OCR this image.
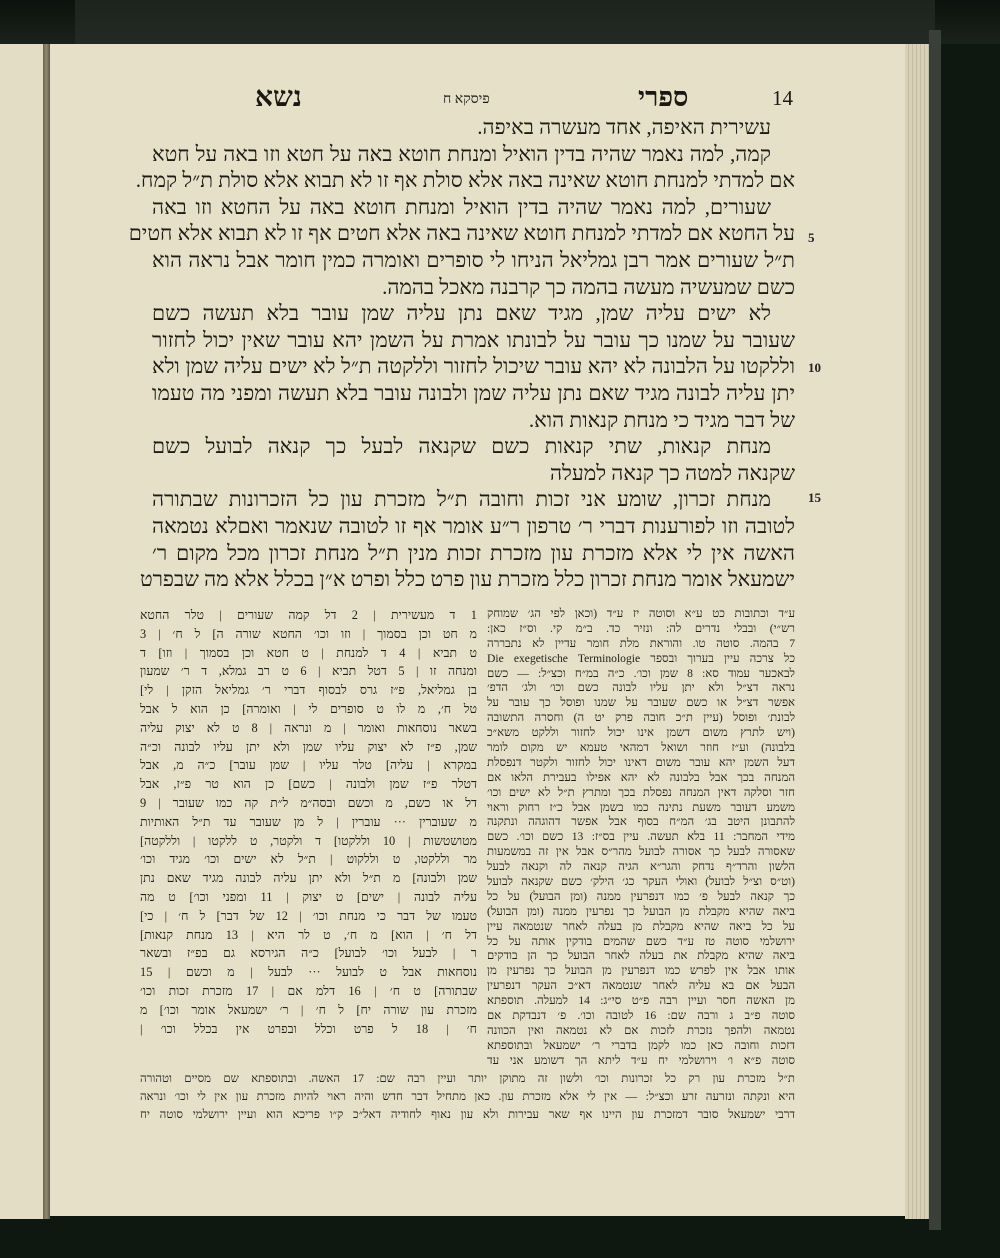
14
ספרי
פיסקא ח
נשא
עשירית האיפה, אחד מעשרה באיפה.
קמה, למה נאמר שהיה בדין הואיל ומנחת חוטא באה על חטא וזו באה על חטא
אם למדתי למנחת חוטא שאינה באה אלא סולת אף זו לא תבוא אלא סולת ת״ל קמח.
שעורים, למה נאמר שהיה בדין הואיל ומנחת חוטא באה על החטא וזו באה
על החטא אם למדתי למנחת חוטא שאינה באה אלא חטים אף זו לא תבוא אלא חטים
ת״ל שעורים אמר רבן גמליאל הניחו לי סופרים ואומרה כמין חומר אבל נראה הוא
כשם שמעשיה מעשה בהמה כך קרבנה מאכל בהמה.
לא ישים עליה שמן, מגיד שאם נתן עליה שמן עובר בלא תעשה כשם
שעובר על שמנו כך עובר על לבונתו אמרת על השמן יהא עובר שאין יכול לחזור
וללקטו על הלבונה לא יהא עובר שיכול לחזור וללקטה ת״ל לא ישים עליה שמן ולא
יתן עליה לבונה מגיד שאם נתן עליה שמן ולבונה עובר בלא תעשה ומפני מה טעמו
של דבר מגיד כי מנחת קנאות הוא.
מנחת קנאות, שתי קנאות כשם שקנאה לבעל כך קנאה לבועל כשם
שקנאה למטה כך קנאה למעלה
מנחת זכרון, שומע אני זכות וחובה ת״ל מזכרת עון כל הזכרונות שבתורה
לטובה וזו לפורענות דברי ר׳ טרפון ר״ע אומר אף זו לטובה שנאמר ואםלא נטמאה
האשה אין לי אלא מזכרת עון מזכרת זכות מנין ת״ל מנחת זכרון מכל מקום ר׳
ישמעאל אומר מנחת זכרון כלל מזכרת עון פרט כלל ופרט א״ן בכלל אלא מה שבפרט
5
10
15
ע״ד וכתובות כט ע״א וסוטה יז ע״ד (וכאן לפי הג׳ שמוחק
רש״י) ובבלי נדרים לה: ונזיר כד. ב״מ קי. וס״ז כאן:
7 בהמה. סוטה טו. והוראת מלת חומר עדיין לא נתבררה
כל צרכה עיין בערוך ובספר Die exegetische Terminologie
לבאכער עמוד סא: 8 שמן וכו׳. כ״ה במ״ח וכצ״ל: — כשם
נראה דצ״ל ולא יתן עליו לבונה כשם וכו׳ ולג׳ הדפ׳
אפשר דצ״ל או כשם שעובר על שמנו ופוסל כך עובר על
לבונת׳ ופוסל (עיין ת״כ חובה פרק יט ה) וחסרה התשובה
(ויש לתרץ משום דשמן אינו יכול לחזור וללקט משא״כ
בלבונה) וע״ז חוזר ושואל דמהאי טעמא יש מקום לומר
דעל השמן יהא עובר משום דאינו יכול לחזור ולקטר דנפסלת
המנחה בכך אבל בלבונה לא יהא אפילו בעבירת הלאו אם
חזר וסלקה דאין המנחה נפסלת בכך ומתרץ ת״ל לא ישים וכו׳
משמע דעובר משעת נתינה כמו בשמן אבל כ״ז רחוק וראוי
להתבונן היטב בג׳ המ״ח בסוף אבל אפשר דהוגהה ונתקנה
מידי המחבר: 11 בלא תעשה. עיין בס״ז: 13 כשם וכו׳. כשם
שאסורה לבעל כך אסורה לבועל מהר״ס אבל אין זה במשמעות
הלשון והרד״ף נדחק והגר״א הגיה קנאה לה וקנאה לבעל
(וט״ס וצ״ל לבועל) ואולי העקר כג׳ הילק׳ כשם שקנאה לבועל
כך קנאה לבעל פ׳ כמו דנפרעין ממנה (ומן הבועל) על כל
ביאה שהיא מקבלת מן הבועל כך נפרעין ממנה (ומן הבועל)
על כל ביאה שהיא מקבלת מן בעלה לאחר שנטמאה עיין
ירושלמי סוטה טז ע״ד כשם שהמים בודקין אותה על כל
ביאה שהיא מקבלת את בעלה לאחר הבועל כך הן בודקים
אותו אבל אין לפרש כמו דנפרעין מן הבועל כך נפרעין מן
הבעל אם בא עליה לאחר שנטמאה דא״כ העקר דנפרעין
מן האשה חסר ועיין רבה פ״ט סי״ג: 14 למעלה. תוספתא
סוטה פ״ב ג ורבה שם: 16 לטובה וכו׳. פ׳ דנבדקת אם
נטמאה ולהפך נזכרת לזכות אם לא נטמאה ואין הכוונה
דזכות וחובה כאן כמו לקמן בדברי ר׳ ישמעאל ובתוספתא
סוטה פ״א ו׳ וירושלמי יח ע״ד ליתא הך דשומע אני עד
1 ד מעשירית | 2 דל קמה שעורים | טלר החטא
מ חט וכן בסמוך | וזו וכו׳ החטא שורה ה] ל ח׳ | 3
ט תביא | 4 ד למנחת | ט חטא וכן בסמוך | וזו] ד
ומנחה זו | 5 דטל תביא | 6 ט רב גמלא, ד ר׳ שמעון
בן גמליאל, פ״ז גרס לבסוף דברי ר׳ גמליאל הזקן | לי]
טל ח׳, מ לו ט סופרים לי | ואומרה] כן הוא ל אבל
בשאר נוסחאות ואומר | מ ונראה | 8 ט לא יצוק עליה
שמן, פ״ז לא יצוק עליו שמן ולא יתן עליו לבונה וכ״ה
במקרא | עליה] טלר עליו | שמן עובר] כ״ה מ, אבל
דטלר פ״ז שמן ולבונה | כשם] כן הוא טר פ״ז, אבל
דל או כשם, מ וכשם ובסה״מ ל״ת קה כמו שעובר | 9
מ שעוברין ··· עוברין | ל מן שעובר עד ת״ל האותיות
מטושטשות | 10 וללקטו] ד ולקטר, ט ללקטו | וללקטה]
מר וללקטו, ט וללקוט | ת״ל לא ישים וכו׳ מגיד וכו׳
שמן ולבונה] מ ת״ל ולא יתן עליה לבונה מגיד שאם נתן
עליה לבונה | ישים] ט יצוק | 11 ומפני וכו׳] ט מה
טעמו של דבר כי מנחת וכו׳ | 12 של דבר] ל ח׳ | כי]
דל ח׳ | הוא] מ ח׳, ט לר היא | 13 מנחת קנאות]
ר | לבעל וכו׳ לבועל] כ״ה הגירסא גם בפ״ז ובשאר
נוסחאות אבל ט לבועל ··· לבעל | מ וכשם | 15
שבתורה] ט ח׳ | 16 דלמ אם | 17 מזכרת זכות וכו׳
מזכרת עון שורה יח] ל ח׳ | ר׳ ישמעאל אומר וכו׳] מ
ח׳ | 18 ל פרט וכלל ובפרט אין בכלל וכו׳ |
ת״ל מזכרת עון רק כל זכרונות וכו׳ ולשון זה מתוקן יותר ועיין רבה שם: 17 האשה. ובתוספתא שם מסיים וטהורה
היא ונקתה ונזרעה זרע וכצ״ל: — אין לי אלא מזכרת עון. כאן מתחיל דבר חדש והיה ראוי להיות מזכרת עון אין לי וכו׳ ונראה
דרבי ישמעאל סובר דמזכרת עון היינו אף שאר עבירות ולא עון נאוף לחודיה דאל״כ ק״ו פריכא הוא ועיין ירושלמי סוטה יח
